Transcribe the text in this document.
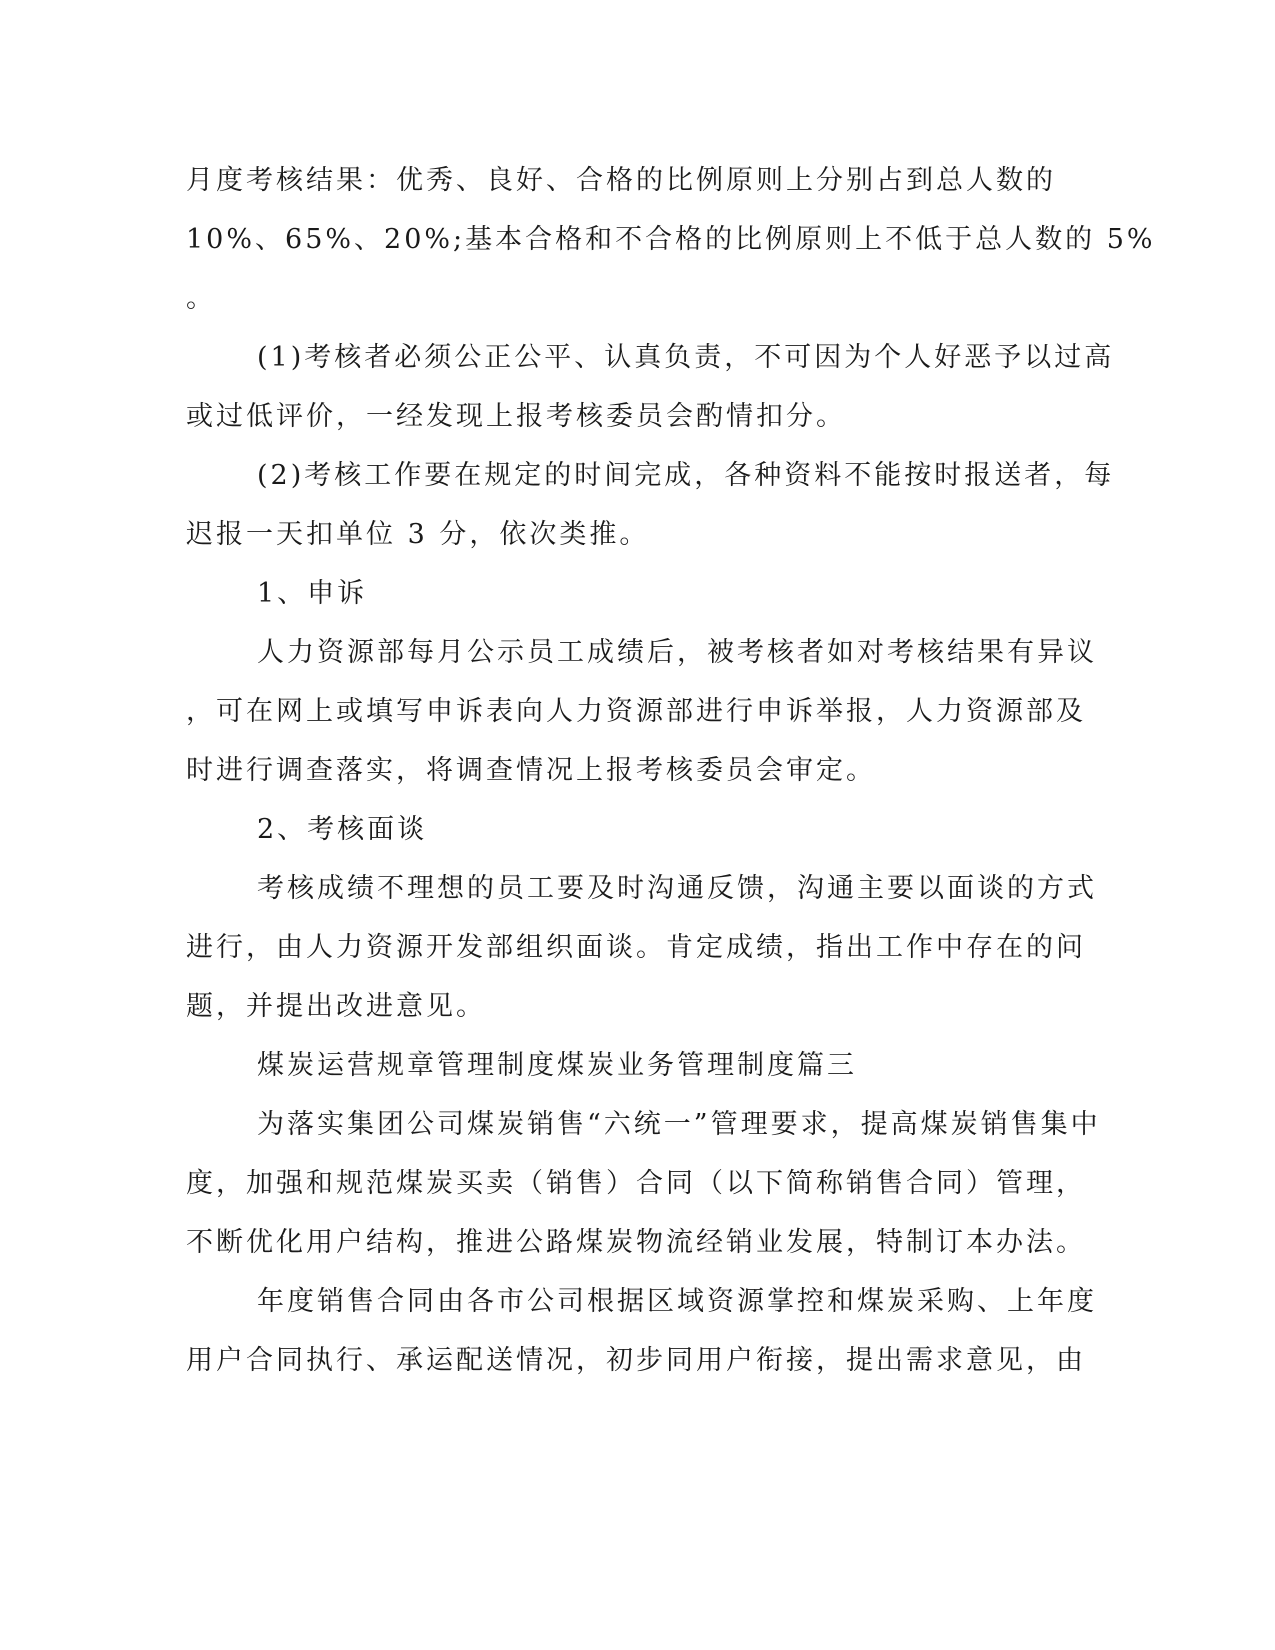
月度考核结果：优秀、良好、合格的比例原则上分别占到总人数的

10%、65%、20%;基本合格和不合格的比例原则上不低于总人数的 5%

。

(1)考核者必须公正公平、认真负责，不可因为个人好恶予以过高

或过低评价，一经发现上报考核委员会酌情扣分。

(2)考核工作要在规定的时间完成，各种资料不能按时报送者，每

迟报一天扣单位 3 分，依次类推。

1、申诉

人力资源部每月公示员工成绩后，被考核者如对考核结果有异议

，可在网上或填写申诉表向人力资源部进行申诉举报，人力资源部及

时进行调查落实，将调查情况上报考核委员会审定。

2、考核面谈

考核成绩不理想的员工要及时沟通反馈，沟通主要以面谈的方式

进行，由人力资源开发部组织面谈。肯定成绩，指出工作中存在的问

题，并提出改进意见。

煤炭运营规章管理制度煤炭业务管理制度篇三

为落实集团公司煤炭销售“六统一”管理要求，提高煤炭销售集中

度，加强和规范煤炭买卖（销售）合同（以下简称销售合同）管理，

不断优化用户结构，推进公路煤炭物流经销业发展，特制订本办法。

年度销售合同由各市公司根据区域资源掌控和煤炭采购、上年度

用户合同执行、承运配送情况，初步同用户衔接，提出需求意见，由
